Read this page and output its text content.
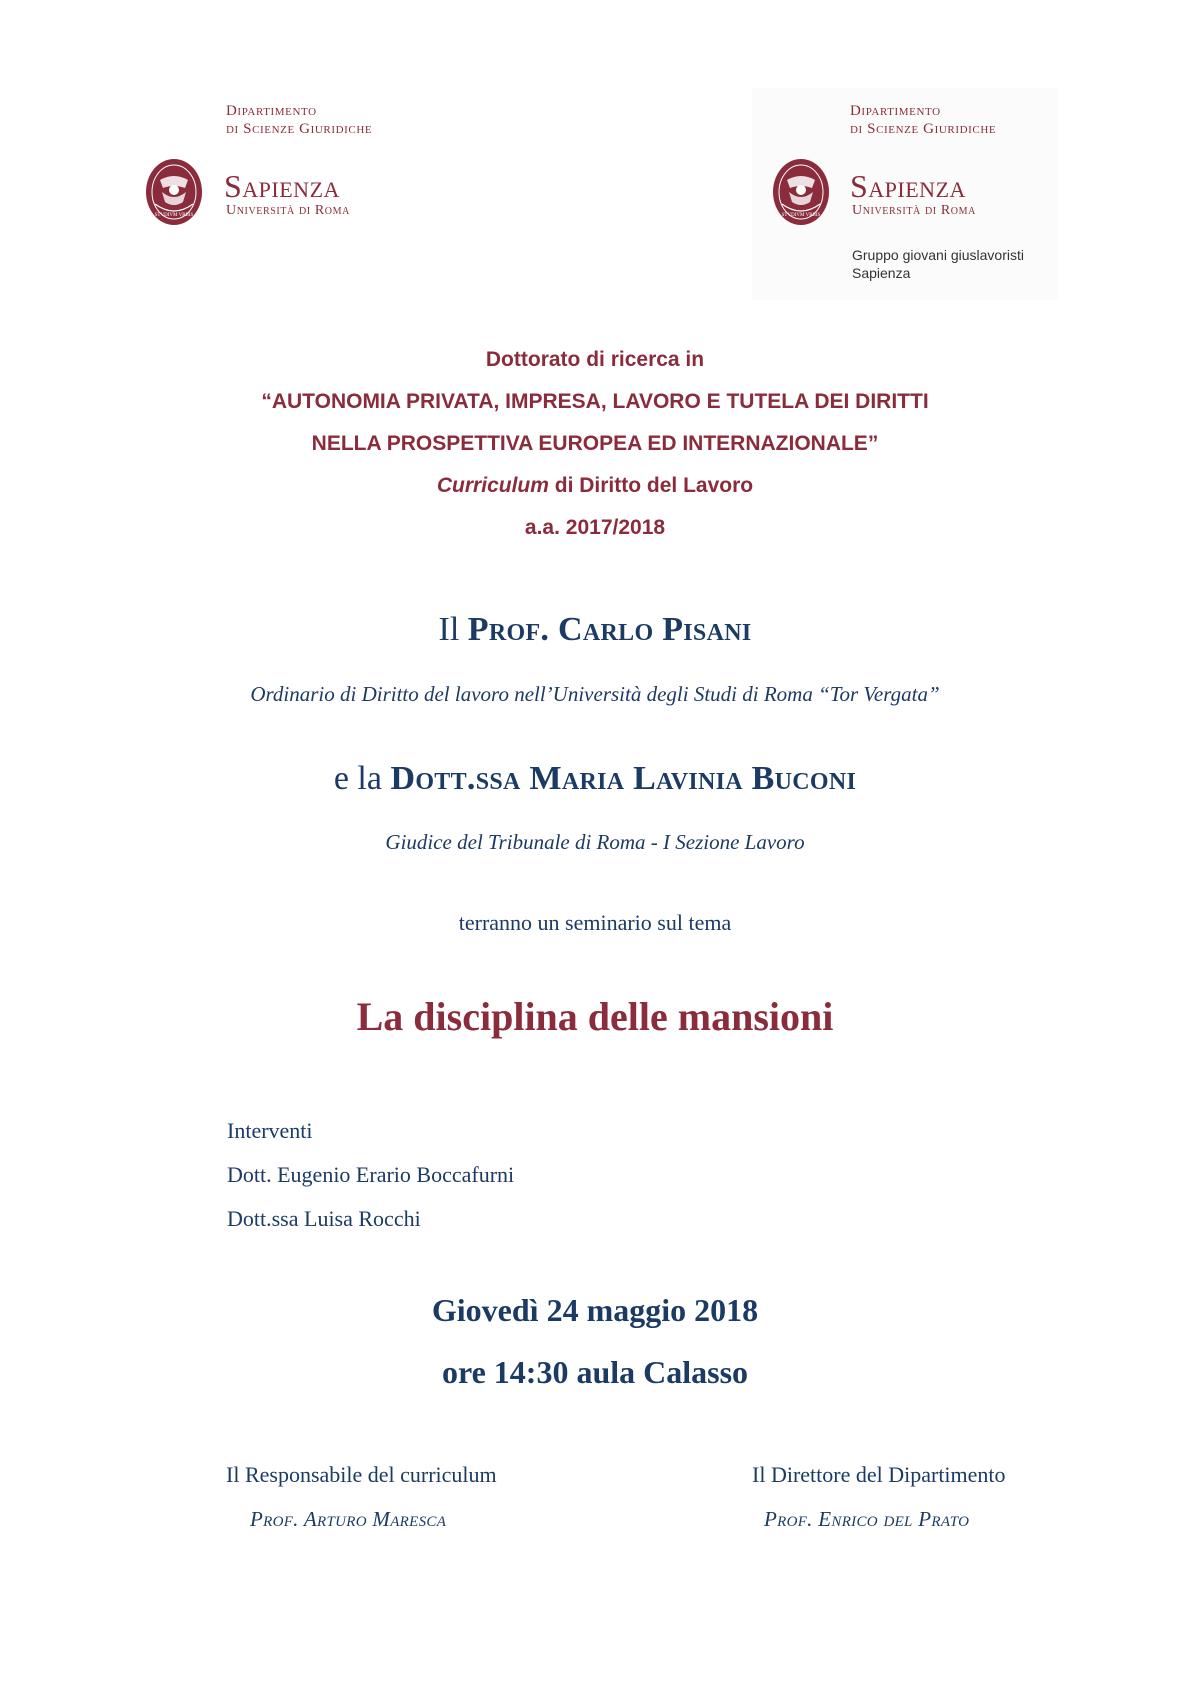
Dipartimento
di Scienze Giuridiche
STVDIVM VRBIS
Sapienza
Università di Roma
Dipartimento
di Scienze Giuridiche
STVDIVM VRBIS
Sapienza
Università di Roma
Gruppo giovani giuslavoristi
Sapienza
Dottorato di ricerca in
“AUTONOMIA PRIVATA, IMPRESA, LAVORO E TUTELA DEI DIRITTI
NELLA PROSPETTIVA EUROPEA ED INTERNAZIONALE”
Curriculum di Diritto del Lavoro
a.a. 2017/2018
Il Prof. Carlo Pisani
Ordinario di Diritto del lavoro nell’Università degli Studi di Roma “Tor Vergata”
e la Dott.ssa Maria Lavinia Buconi
Giudice del Tribunale di Roma - I Sezione Lavoro
terranno un seminario sul tema
La disciplina delle mansioni
Interventi
Dott. Eugenio Erario Boccafurni
Dott.ssa Luisa Rocchi
Giovedì 24 maggio 2018
ore 14:30 aula Calasso
Il Responsabile del curriculum
Prof. Arturo Maresca
Il Direttore del Dipartimento
Prof. Enrico del Prato
